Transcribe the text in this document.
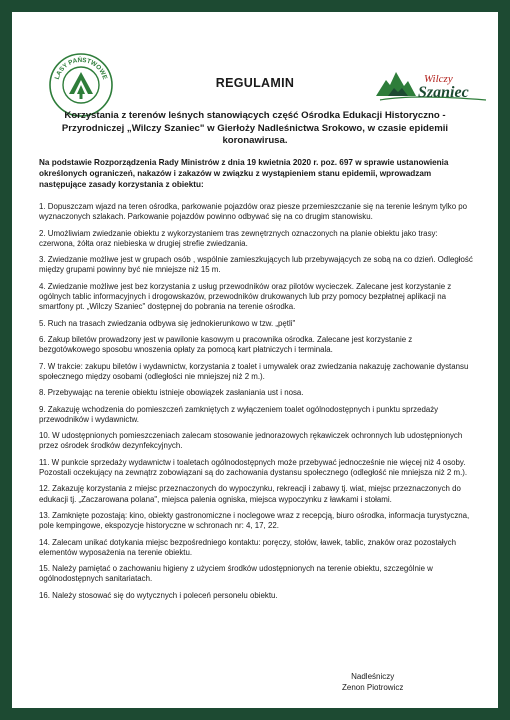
LASY PAŃSTWOWE	Wilczy
Szaniec
REGULAMIN
Korzystania z terenów leśnych stanowiących część Ośrodka Edukacji Historyczno - Przyrodniczej „Wilczy Szaniec" w Gierłoży Nadleśnictwa Srokowo, w czasie epidemii koronawirusa.
Na podstawie Rozporządzenia Rady Ministrów z dnia 19 kwietnia 2020 r. poz. 697 w sprawie ustanowienia określonych ograniczeń, nakazów i zakazów w związku z wystąpieniem stanu epidemii, wprowadzam następujące zasady korzystania z obiektu:

1. Dopuszczam wjazd na teren ośrodka, parkowanie pojazdów oraz piesze przemieszczanie się na terenie leśnym tylko po wyznaczonych szlakach. Parkowanie pojazdów powinno odbywać się na co drugim stanowisku.

2. Umożliwiam zwiedzanie obiektu z wykorzystaniem tras zewnętrznych oznaczonych na planie obiektu jako trasy: czerwona, żółta oraz niebieska w drugiej strefie zwiedzania.

3. Zwiedzanie możliwe jest w grupach osób , wspólnie zamieszkujących lub przebywających ze sobą na co dzień. Odległość między grupami powinny być nie mniejsze niż 15 m.

4. Zwiedzanie możliwe jest bez korzystania z usług przewodników oraz pilotów wycieczek. Zalecane jest korzystanie z ogólnych tablic informacyjnych i drogowskazów, przewodników drukowanych lub przy pomocy bezpłatnej aplikacji na smartfony pt. „Wilczy Szaniec" dostępnej do pobrania na terenie ośrodka.

5. Ruch na trasach zwiedzania odbywa się jednokierunkowo w tzw. „pętli"

6. Zakup biletów prowadzony jest w pawilonie kasowym u pracownika ośrodka. Zalecane jest korzystanie z bezgotówkowego sposobu wnoszenia opłaty za pomocą kart płatniczych i terminala.

7. W trakcie: zakupu biletów i wydawnictw, korzystania z toalet i umywalek oraz zwiedzania nakazuję zachowanie dystansu społecznego między osobami (odległości nie mniejszej niż 2 m.).

8. Przebywając na terenie obiektu istnieje obowiązek zasłaniania ust i nosa.

9. Zakazuję wchodzenia do pomieszczeń zamkniętych z wyłączeniem toalet ogólnodostępnych i punktu sprzedaży przewodników i wydawnictw.

10. W udostępnionych pomieszczeniach zalecam stosowanie jednorazowych rękawiczek ochronnych lub udostępnionych przez ośrodek środków dezynfekcyjnych.

11. W punkcie sprzedaży wydawnictw i toaletach ogólnodostępnych może przebywać jednocześnie nie więcej niż 4 osoby. Pozostali oczekujący na zewnątrz zobowiązani są do zachowania dystansu społecznego (odległość nie mniejsza niż 2 m.).

12. Zakazuję korzystania z miejsc przeznaczonych do wypoczynku, rekreacji i zabawy tj. wiat, miejsc przeznaczonych do edukacji tj. „Zaczarowana polana", miejsca palenia ogniska, miejsca wypoczynku z ławkami i stołami.

13. Zamknięte pozostają: kino, obiekty gastronomiczne i noclegowe wraz z recepcją, biuro ośrodka, informacja turystyczna, pole kempingowe, ekspozycje historyczne w schronach nr: 4, 17, 22.

14. Zalecam unikać dotykania miejsc bezpośredniego kontaktu: poręczy, stołów, ławek, tablic, znaków oraz pozostałych elementów wyposażenia na terenie obiektu.

15. Należy pamiętać o zachowaniu higieny z użyciem środków udostępnionych na terenie obiektu, szczególnie w ogólnodostępnych sanitariatach.

16. Należy stosować się do wytycznych i poleceń personelu obiektu.

Nadleśniczy
Zenon Piotrowicz
